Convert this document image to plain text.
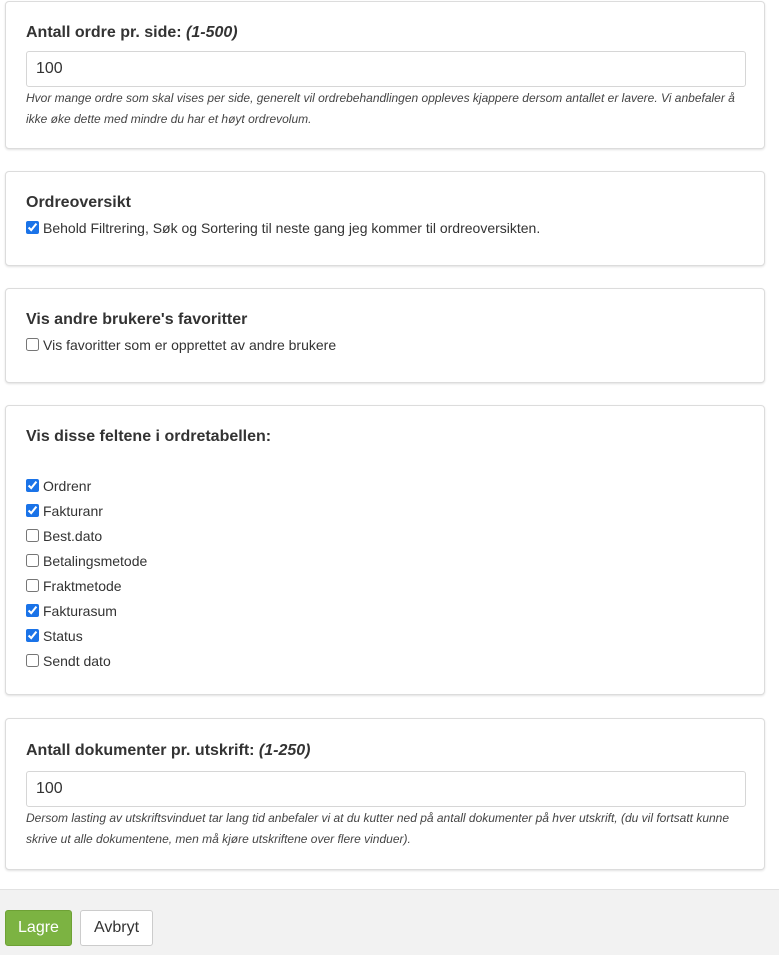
Antall ordre pr. side: (1-500)
100

Hvor mange ordre som skal vises per side, generelt vil ordrebehandlingen oppleves kjappere dersom antallet er lavere. Vi anbefaler å ikke øke dette med mindre du har et høyt ordrevolum.

Ordreoversikt
Behold Filtrering, Søk og Sortering til neste gang jeg kommer til ordreoversikten.
Vis andre brukere's favoritter
Vis favoritter som er opprettet av andre brukere
Vis disse feltene i ordretabellen:
Ordrenr
Fakturanr
Best.dato
Betalingsmetode
Fraktmetode
Fakturasum
Status
Sendt dato
Antall dokumenter pr. utskrift: (1-250)
100

Dersom lasting av utskriftsvinduet tar lang tid anbefaler vi at du kutter ned på antall dokumenter på hver utskrift, (du vil fortsatt kunne skrive ut alle dokumentene, men må kjøre utskriftene over flere vinduer).

Lagre	Avbryt
